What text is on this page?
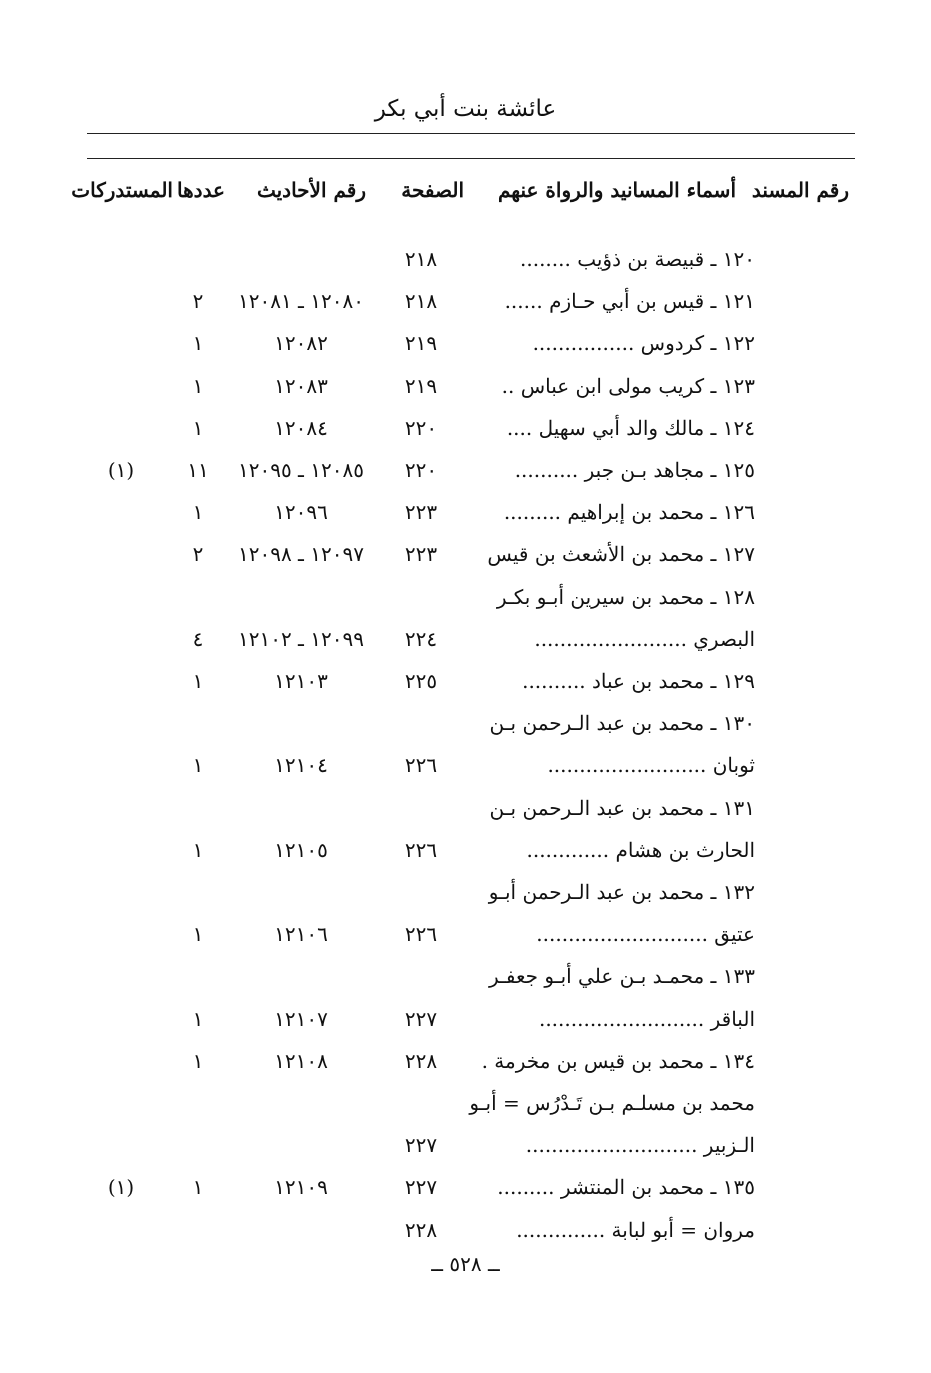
عائشة بنت أبي بكر
رقم المسند
أسماء المسانيد والرواة عنهم
الصفحة
رقم الأحاديث
عددها
المستدركات
١٢٠ ـ قبيصة بن ذؤيب ........
٢١٨
١٢١ ـ قيس بن أبي حـازم ......
٢١٨
١٢٠٨٠ ـ ١٢٠٨١
٢
١٢٢ ـ كردوس ................
٢١٩
١٢٠٨٢
١
١٢٣ ـ كريب مولى ابن عباس ..
٢١٩
١٢٠٨٣
١
١٢٤ ـ مالك والد أبي سهيل ....
٢٢٠
١٢٠٨٤
١
١٢٥ ـ مجاهد بـن جبر ..........
٢٢٠
١٢٠٨٥ ـ ١٢٠٩٥
١١
(١)
١٢٦ ـ محمد بن إبراهيم .........
٢٢٣
١٢٠٩٦
١
١٢٧ ـ محمد بن الأشعث بن قيس
٢٢٣
١٢٠٩٧ ـ ١٢٠٩٨
٢
١٢٨ ـ محمد بن سيرين أبـو بكـر
البصري ........................
٢٢٤
١٢٠٩٩ ـ ١٢١٠٢
٤
١٢٩ ـ محمد بن عباد ..........
٢٢٥
١٢١٠٣
١
١٣٠ ـ محمد بن عبد الـرحمن بـن
ثوبان .........................
٢٢٦
١٢١٠٤
١
١٣١ ـ محمد بن عبد الـرحمن بـن
الحارث بن هشام .............
٢٢٦
١٢١٠٥
١
١٣٢ ـ محمد بن عبد الـرحمن أبـو
عتيق ...........................
٢٢٦
١٢١٠٦
١
١٣٣ ـ محمـد بـن علي أبـو جعفـر
الباقر ..........................
٢٢٧
١٢١٠٧
١
١٣٤ ـ محمد بن قيس بن مخرمة .
٢٢٨
١٢١٠٨
١
محمد بن مسلـم بـن تَـدْرُس = أبـو
الـزبير ...........................
٢٢٧
١٣٥ ـ محمد بن المنتشر .........
٢٢٧
١٢١٠٩
١
(١)
مروان = أبو لبابة ..............
٢٢٨
ــ ٥٢٨ ــ
